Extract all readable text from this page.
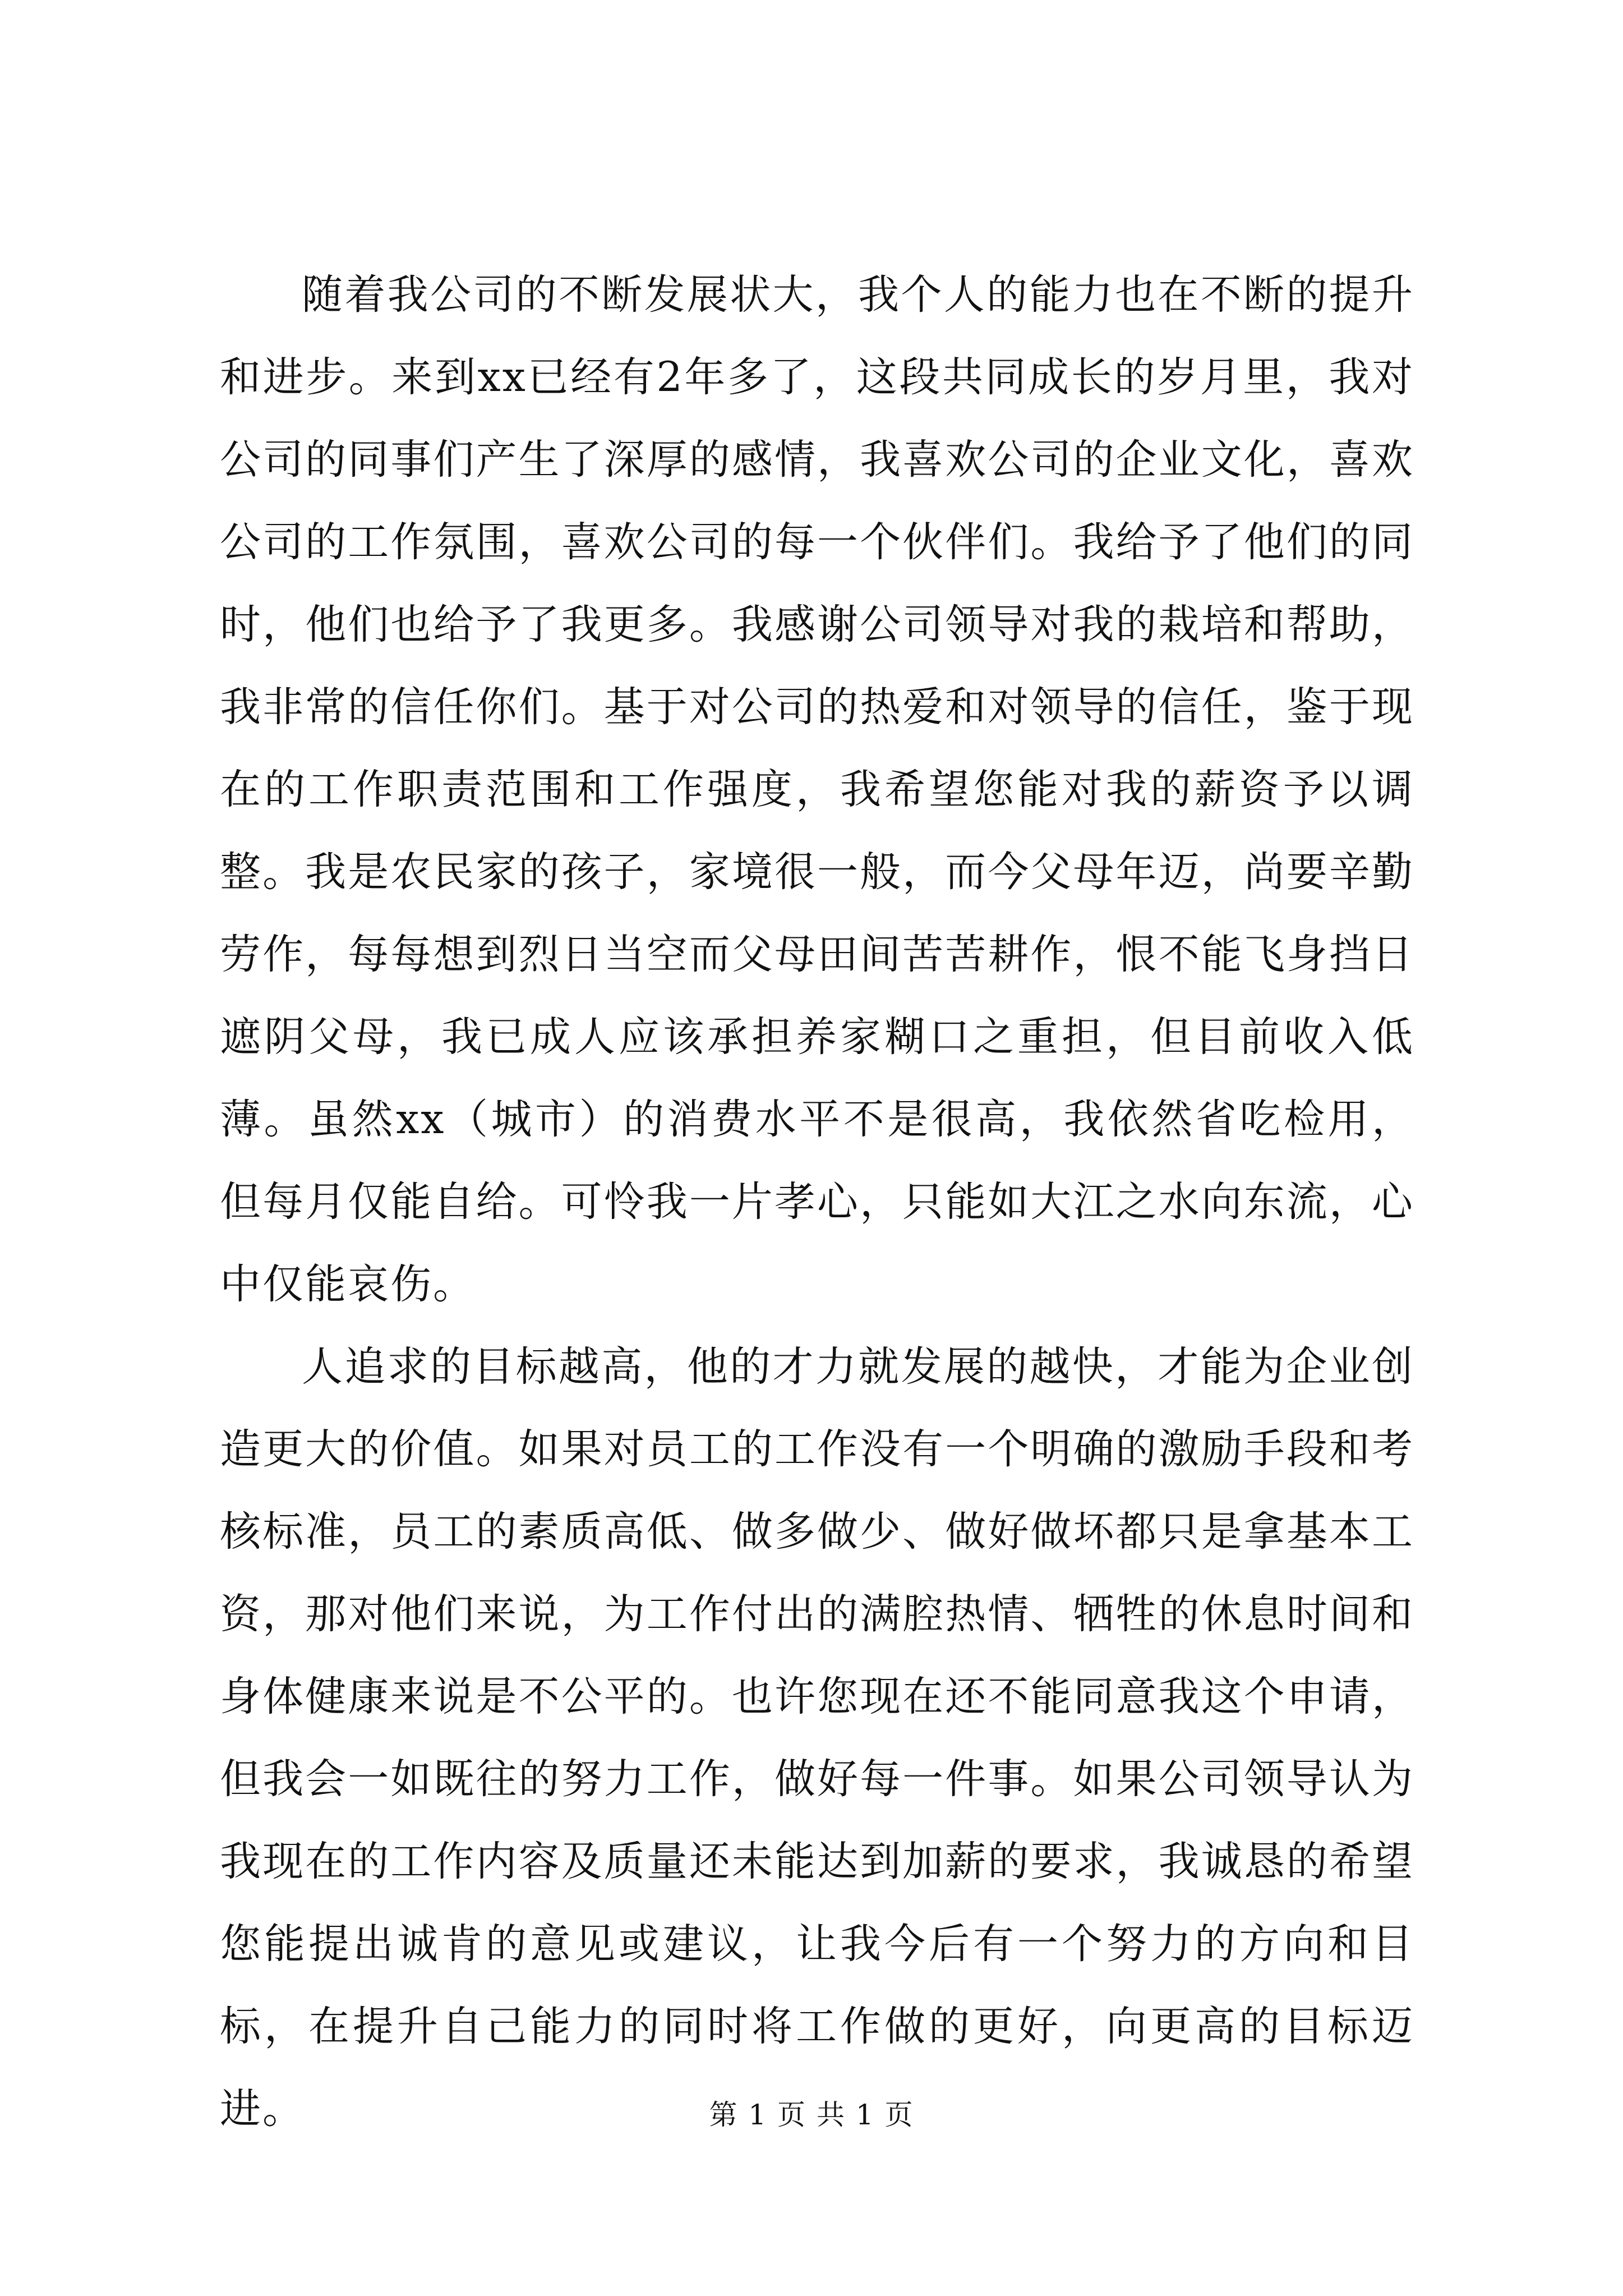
随着我公司的不断发展状大，我个人的能力也在不断的提升和进步。来到xx已经有2年多了，这段共同成长的岁月里，我对公司的同事们产生了深厚的感情，我喜欢公司的企业文化，喜欢公司的工作氛围，喜欢公司的每一个伙伴们。我给予了他们的同时，他们也给予了我更多。我感谢公司领导对我的栽培和帮助，我非常的信任你们。基于对公司的热爱和对领导的信任，鉴于现在的工作职责范围和工作强度，我希望您能对我的薪资予以调整。我是农民家的孩子，家境很一般，而今父母年迈，尚要辛勤劳作，每每想到烈日当空而父母田间苦苦耕作，恨不能飞身挡日遮阴父母，我已成人应该承担养家糊口之重担，但目前收入低薄。虽然xx（城市）的消费水平不是很高，我依然省吃检用，但每月仅能自给。可怜我一片孝心，只能如大江之水向东流，心中仅能哀伤。

人追求的目标越高，他的才力就发展的越快，才能为企业创造更大的价值。如果对员工的工作没有一个明确的激励手段和考核标准，员工的素质高低、做多做少、做好做坏都只是拿基本工资，那对他们来说，为工作付出的满腔热情、牺牲的休息时间和身体健康来说是不公平的。也许您现在还不能同意我这个申请，但我会一如既往的努力工作，做好每一件事。如果公司领导认为我现在的工作内容及质量还未能达到加薪的要求，我诚恳的希望您能提出诚肯的意见或建议，让我今后有一个努力的方向和目标，在提升自己能力的同时将工作做的更好，向更高的目标迈进。	第 1 页 共 1 页
